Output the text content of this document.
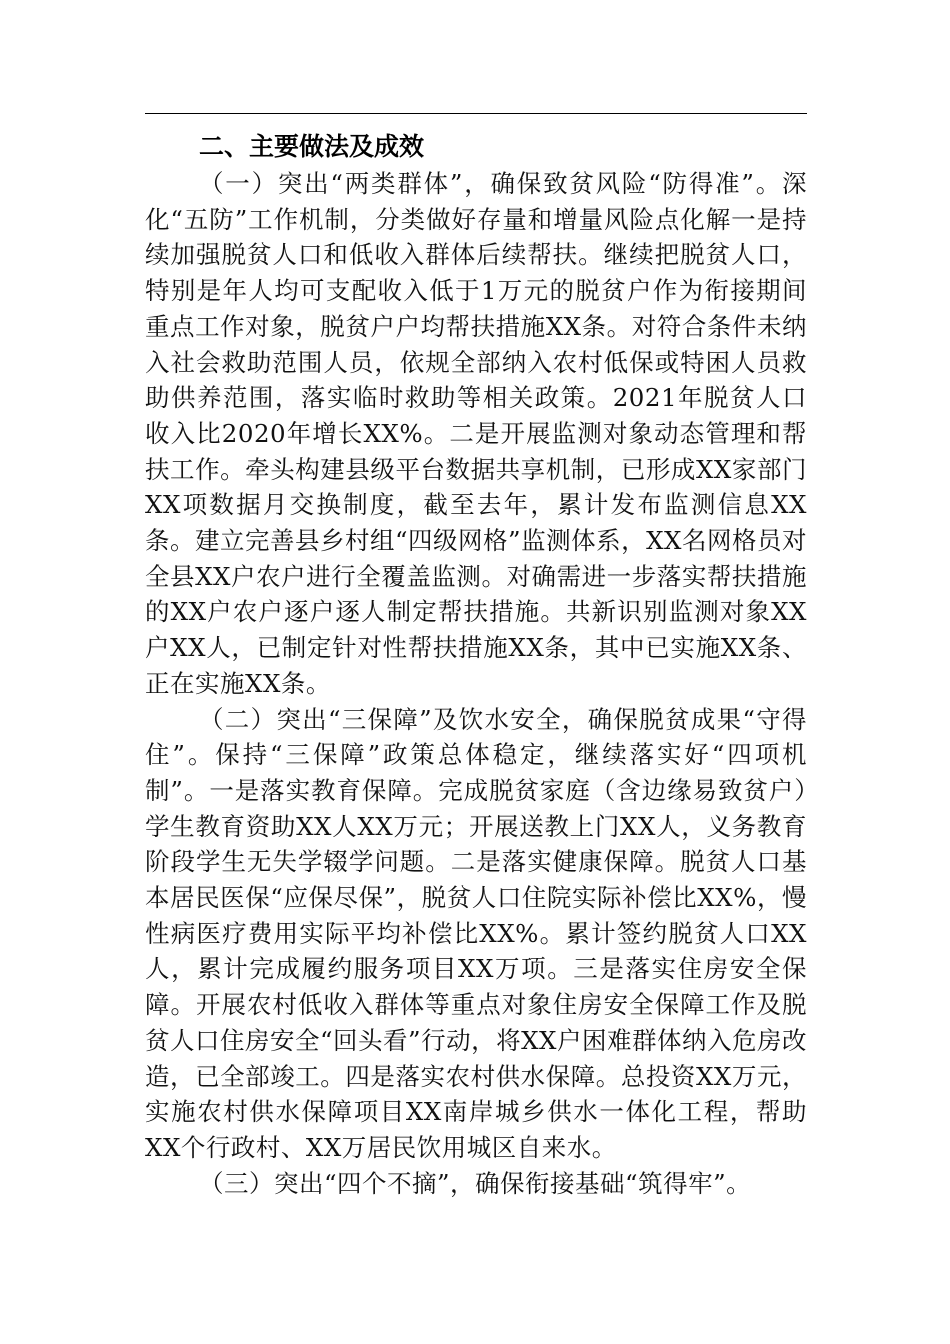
二、主要做法及成效

（一）突出“两类群体”，确保致贫风险“防得准”。深化“五防”工作机制，分类做好存量和增量风险点化解一是持续加强脱贫人口和低收入群体后续帮扶。继续把脱贫人口，特别是年人均可支配收入低于1万元的脱贫户作为衔接期间重点工作对象，脱贫户户均帮扶措施XX条。对符合条件未纳入社会救助范围人员，依规全部纳入农村低保或特困人员救助供养范围，落实临时救助等相关政策。2021年脱贫人口收入比2020年增长XX%。二是开展监测对象动态管理和帮扶工作。牵头构建县级平台数据共享机制，已形成XX家部门XX项数据月交换制度，截至去年，累计发布监测信息XX条。建立完善县乡村组“四级网格”监测体系，XX名网格员对全县XX户农户进行全覆盖监测。对确需进一步落实帮扶措施的XX户农户逐户逐人制定帮扶措施。共新识别监测对象XX户XX人，已制定针对性帮扶措施XX条，其中已实施XX条、正在实施XX条。

（二）突出“三保障”及饮水安全，确保脱贫成果“守得住”。保持“三保障”政策总体稳定，继续落实好“四项机制”。一是落实教育保障。完成脱贫家庭（含边缘易致贫户）学生教育资助XX人XX万元；开展送教上门XX人，义务教育阶段学生无失学辍学问题。二是落实健康保障。脱贫人口基本居民医保“应保尽保”，脱贫人口住院实际补偿比XX%，慢性病医疗费用实际平均补偿比XX%。累计签约脱贫人口XX人，累计完成履约服务项目XX万项。三是落实住房安全保障。开展农村低收入群体等重点对象住房安全保障工作及脱贫人口住房安全“回头看”行动，将XX户困难群体纳入危房改造，已全部竣工。四是落实农村供水保障。总投资XX万元，实施农村供水保障项目XX南岸城乡供水一体化工程，帮助XX个行政村、XX万居民饮用城区自来水。

（三）突出“四个不摘”，确保衔接基础“筑得牢”。
